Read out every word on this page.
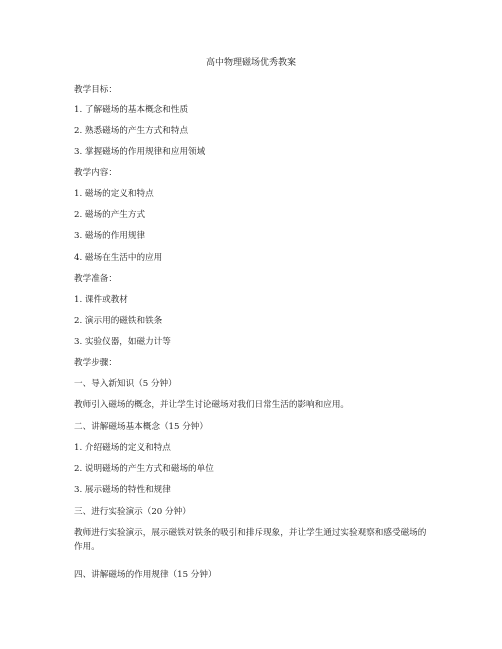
高中物理磁场优秀教案
教学目标：
1. 了解磁场的基本概念和性质
2. 熟悉磁场的产生方式和特点
3. 掌握磁场的作用规律和应用领域
教学内容：
1. 磁场的定义和特点
2. 磁场的产生方式
3. 磁场的作用规律
4. 磁场在生活中的应用
教学准备：
1. 课件或教材
2. 演示用的磁铁和铁条
3. 实验仪器，如磁力计等
教学步骤：
一、导入新知识（5 分钟）
教师引入磁场的概念，并让学生讨论磁场对我们日常生活的影响和应用。
二、讲解磁场基本概念（15 分钟）
1. 介绍磁场的定义和特点
2. 说明磁场的产生方式和磁场的单位
3. 展示磁场的特性和规律
三、进行实验演示（20 分钟）
教师进行实验演示，展示磁铁对铁条的吸引和排斥现象，并让学生通过实验观察和感受磁场的作用。
四、讲解磁场的作用规律（15 分钟）
